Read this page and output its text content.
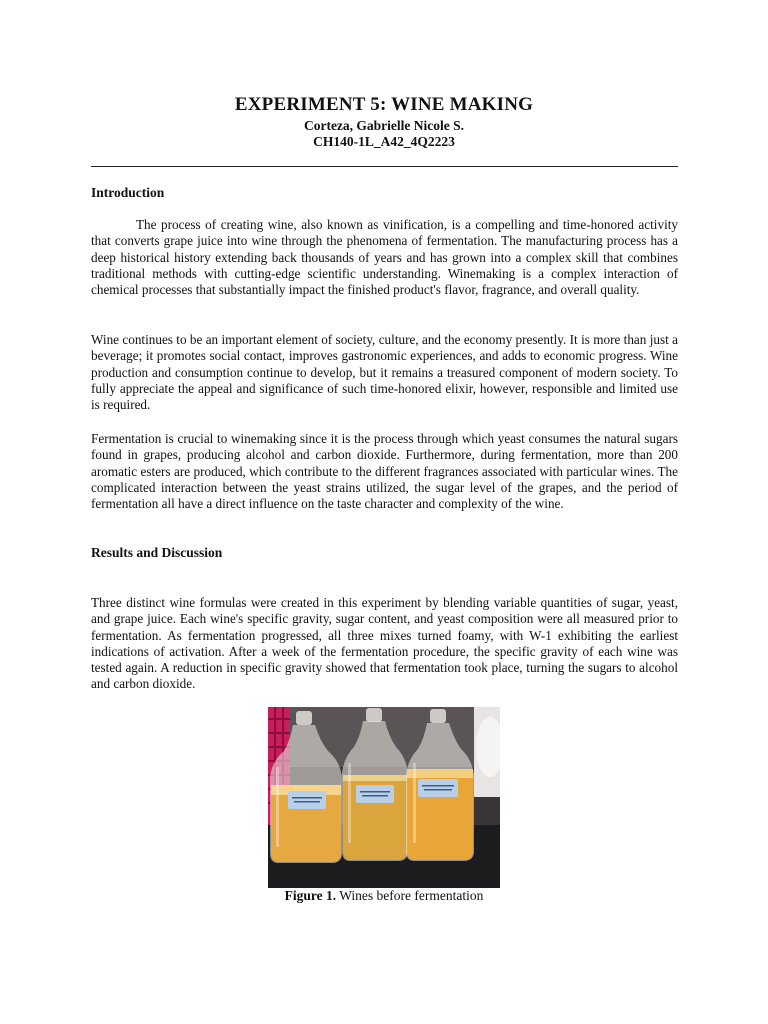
EXPERIMENT 5: WINE MAKING
Corteza, Gabrielle Nicole S.
CH140-1L_A42_4Q2223
Introduction

The process of creating wine, also known as vinification, is a compelling and time-honored activity that converts grape juice into wine through the phenomena of fermentation. The manufacturing process has a deep historical history extending back thousands of years and has grown into a complex skill that combines traditional methods with cutting-edge scientific understanding. Winemaking is a complex interaction of chemical processes that substantially impact the finished product's flavor, fragrance, and overall quality.

Wine continues to be an important element of society, culture, and the economy presently. It is more than just a beverage; it promotes social contact, improves gastronomic experiences, and adds to economic progress. Wine production and consumption continue to develop, but it remains a treasured component of modern society. To fully appreciate the appeal and significance of such time-honored elixir, however, responsible and limited use is required.

Fermentation is crucial to winemaking since it is the process through which yeast consumes the natural sugars found in grapes, producing alcohol and carbon dioxide. Furthermore, during fermentation, more than 200 aromatic esters are produced, which contribute to the different fragrances associated with particular wines. The complicated interaction between the yeast strains utilized, the sugar level of the grapes, and the period of fermentation all have a direct influence on the taste character and complexity of the wine.

Results and Discussion

Three distinct wine formulas were created in this experiment by blending variable quantities of sugar, yeast, and grape juice. Each wine's specific gravity, sugar content, and yeast composition were all measured prior to fermentation. As fermentation progressed, all three mixes turned foamy, with W-1 exhibiting the earliest indications of activation. After a week of the fermentation procedure, the specific gravity of each wine was tested again. A reduction in specific gravity showed that fermentation took place, turning the sugars to alcohol and carbon dioxide.

Figure 1. Wines before fermentation
